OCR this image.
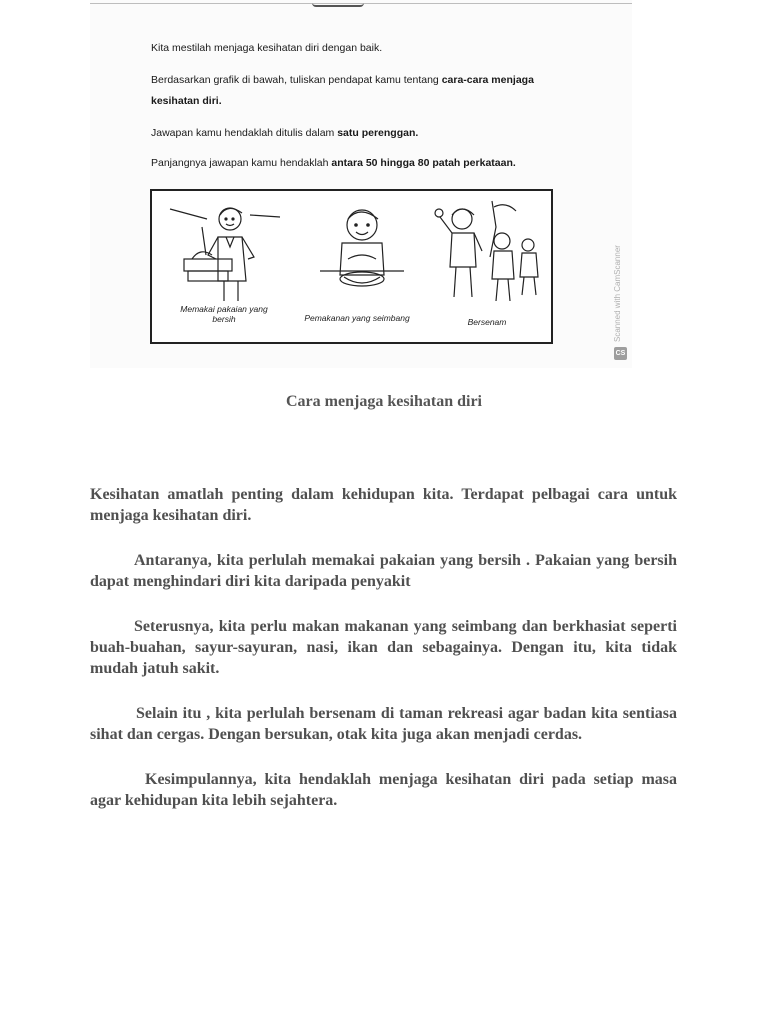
Kita mestilah menjaga kesihatan diri dengan baik.
Berdasarkan grafik di bawah, tuliskan pendapat kamu tentang cara-cara menjaga kesihatan diri.
Jawapan kamu hendaklah ditulis dalam satu perenggan.
Panjangnya jawapan kamu hendaklah antara 50 hingga 80 patah perkataan.
Memakai pakaian yang bersih	Pemakanan yang seimbang	Bersenam	Scanned with CamScanner
CS
Cara menjaga kesihatan diri

Kesihatan amatlah penting dalam kehidupan kita. Terdapat pelbagai cara untuk menjaga kesihatan diri.

Antaranya, kita perlulah memakai pakaian yang bersih . Pakaian yang bersih dapat menghindari diri kita daripada penyakit

Seterusnya, kita perlu makan makanan yang seimbang dan berkhasiat seperti buah-buahan, sayur-sayuran, nasi, ikan dan sebagainya. Dengan itu, kita tidak mudah jatuh sakit.

Selain itu , kita perlulah bersenam di taman rekreasi agar badan kita sentiasa sihat dan cergas. Dengan bersukan, otak kita juga akan menjadi cerdas.

Kesimpulannya, kita hendaklah menjaga kesihatan diri pada setiap masa agar kehidupan kita lebih sejahtera.
